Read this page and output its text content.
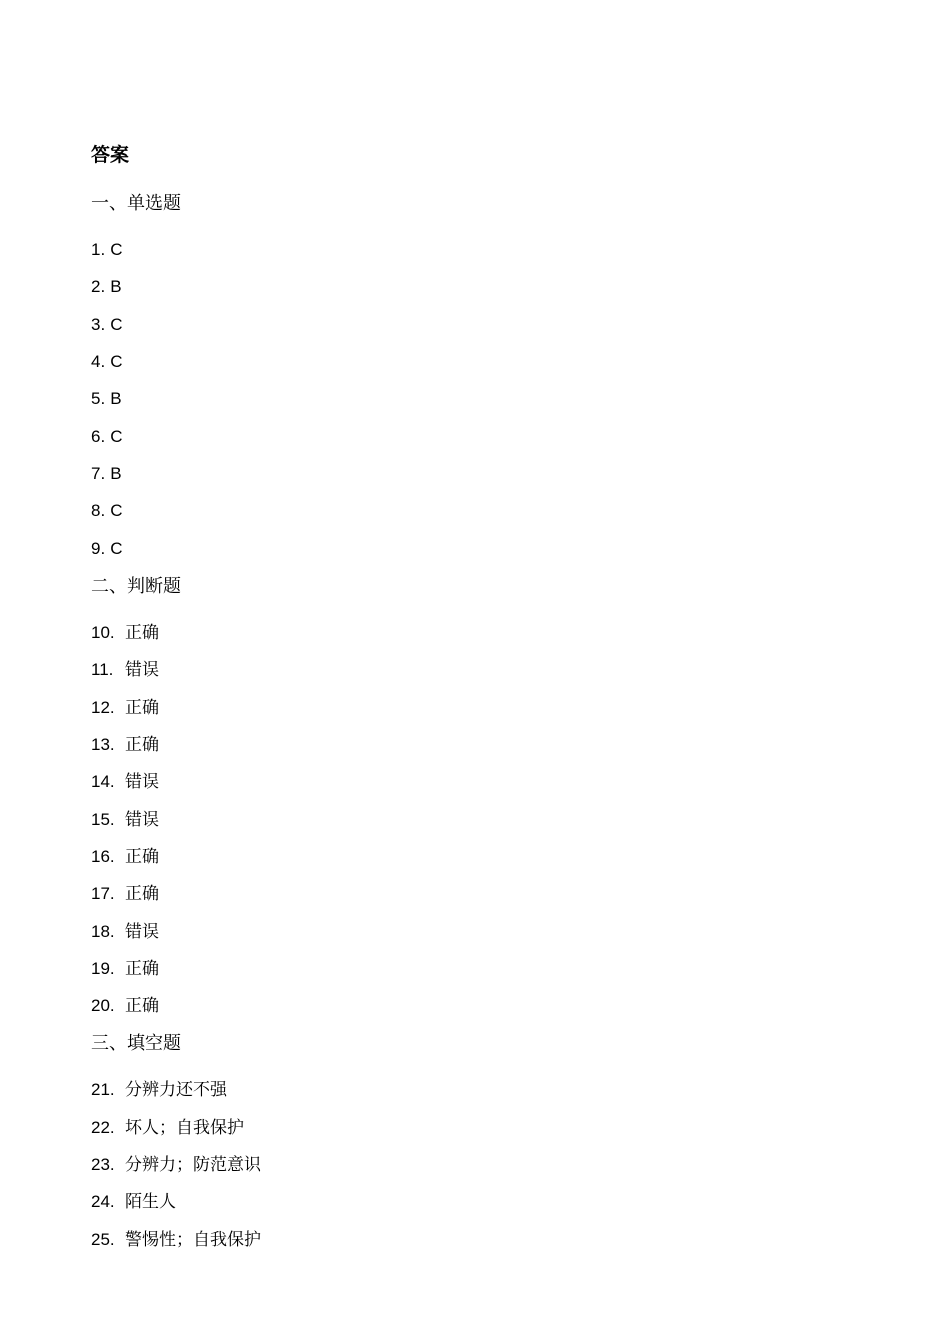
答案
一、单选题
1. C
2. B
3. C
4. C
5. B
6. C
7. B
8. C
9. C
二、判断题
10. 正确
11. 错误
12. 正确
13. 正确
14. 错误
15. 错误
16. 正确
17. 正确
18. 错误
19. 正确
20. 正确
三、填空题
21. 分辨力还不强
22. 坏人；自我保护
23. 分辨力；防范意识
24. 陌生人
25. 警惕性；自我保护
